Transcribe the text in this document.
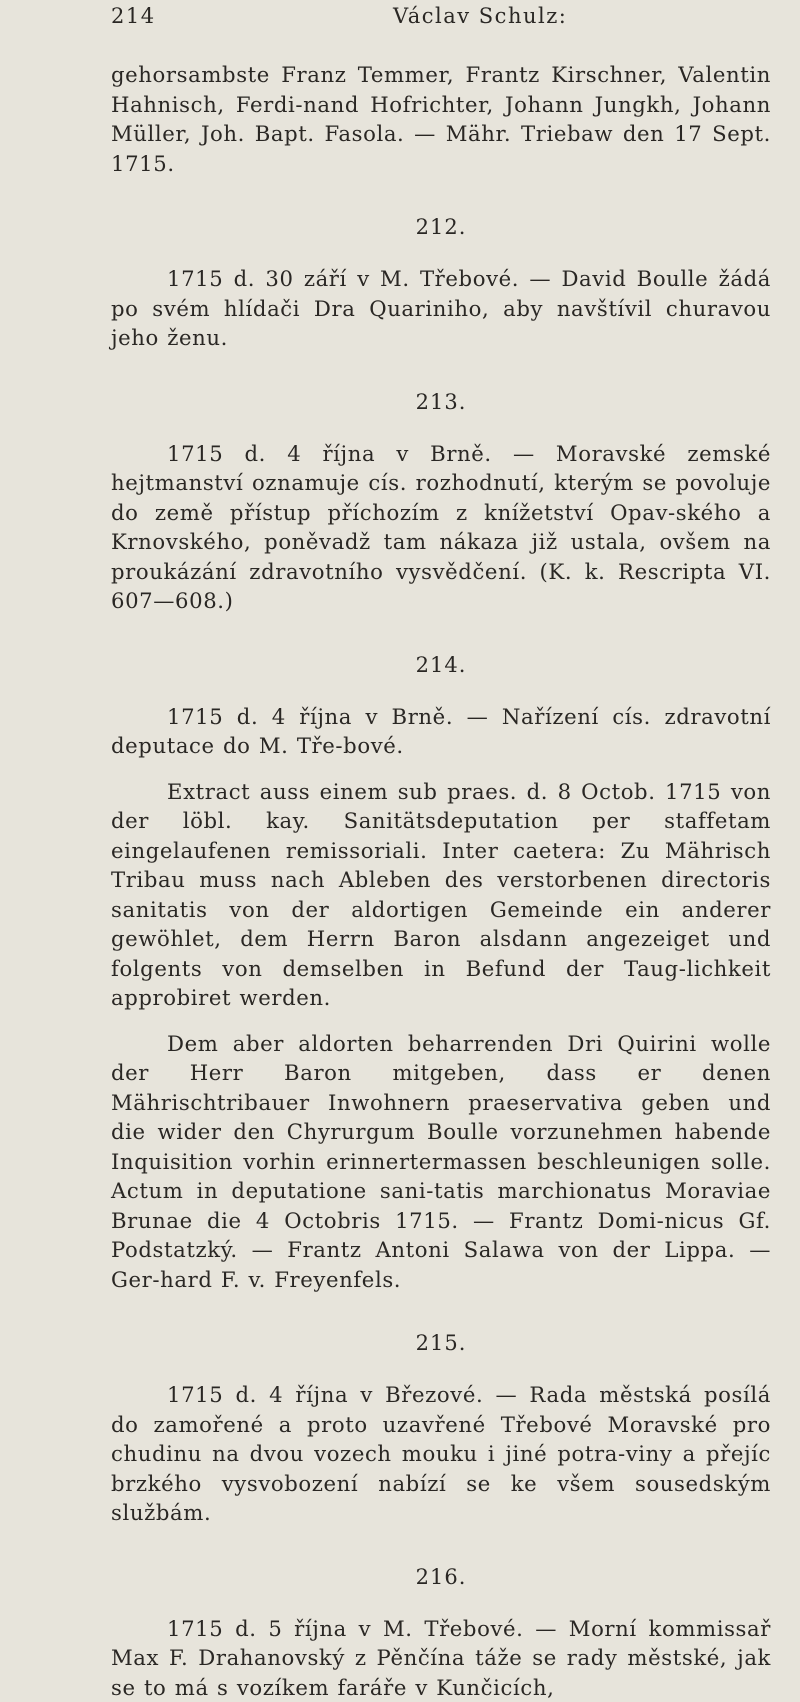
214	Václav Schulz:

gehorsambste Franz Temmer, Frantz Kirschner, Valentin Hahnisch, Ferdi-nand Hofrichter, Johann Jungkh, Johann Müller, Joh. Bapt. Fasola. — Mähr. Triebaw den 17 Sept. 1715.

212.

1715 d. 30 září v M. Třebové. — David Boulle žádá po svém hlídači Dra Quariniho, aby navštívil churavou jeho ženu.

213.

1715 d. 4 října v Brně. — Moravské zemské hejtmanství oznamuje cís. rozhodnutí, kterým se povoluje do země přístup příchozím z knížetství Opav-ského a Krnovského, poněvadž tam nákaza již ustala, ovšem na proukázání zdravotního vysvědčení. (K. k. Rescripta VI. 607—608.)

214.

1715 d. 4 října v Brně. — Nařízení cís. zdravotní deputace do M. Tře-bové.

Extract auss einem sub praes. d. 8 Octob. 1715 von der löbl. kay. Sanitätsdeputation per staffetam eingelaufenen remissoriali. Inter caetera: Zu Mährisch Tribau muss nach Ableben des verstorbenen directoris sanitatis von der aldortigen Gemeinde ein anderer gewöhlet, dem Herrn Baron alsdann angezeiget und folgents von demselben in Befund der Taug-lichkeit approbiret werden.

Dem aber aldorten beharrenden Dri Quirini wolle der Herr Baron mitgeben, dass er denen Mährischtribauer Inwohnern praeservativa geben und die wider den Chyrurgum Boulle vorzunehmen habende Inquisition vorhin erinnertermassen beschleunigen solle. Actum in deputatione sani-tatis marchionatus Moraviae Brunae die 4 Octobris 1715. — Frantz Domi-nicus Gf. Podstatzký. — Frantz Antoni Salawa von der Lippa. — Ger-hard F. v. Freyenfels.

215.

1715 d. 4 října v Březové. — Rada městská posílá do zamořené a proto uzavřené Třebové Moravské pro chudinu na dvou vozech mouku i jiné potra-viny a přejíc brzkého vysvobození nabízí se ke všem sousedským službám.

216.

1715 d. 5 října v M. Třebové. — Morní kommissař Max F. Drahanovský z Pěnčína táže se rady městské, jak se to má s vozíkem faráře v Kunčicích,
